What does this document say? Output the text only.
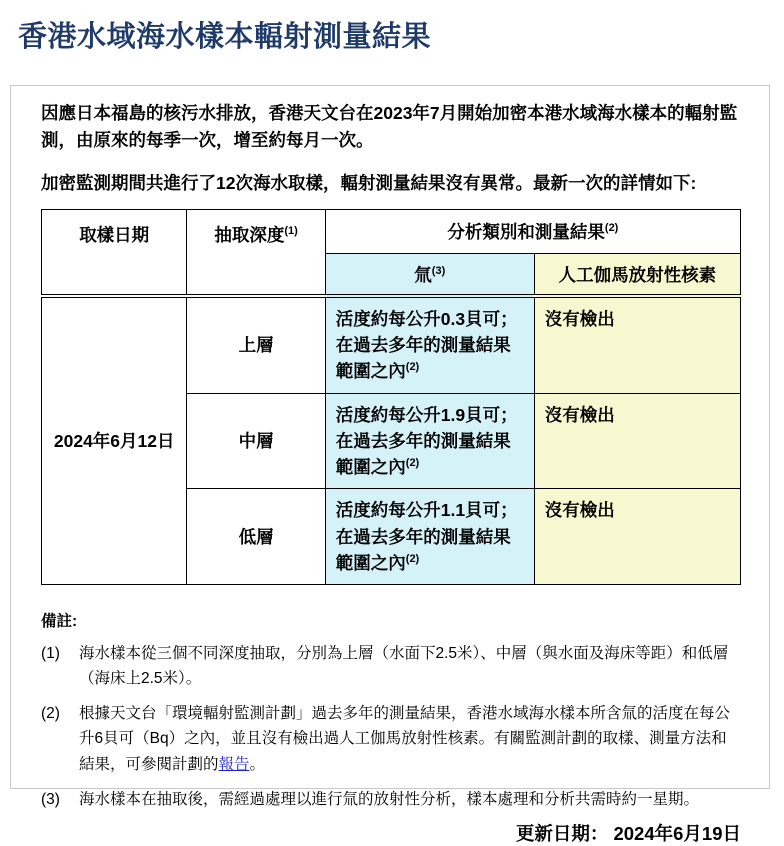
香港水域海水樣本輻射測量結果

因應日本福島的核污水排放，香港天文台在2023年7月開始加密本港水域海水樣本的輻射監測，由原來的每季一次，增至約每月一次。

加密監測期間共進行了12次海水取樣，輻射測量結果沒有異常。最新一次的詳情如下:

取樣日期	抽取深度$^{(1)}$	分析類別和測量結果$^{(2)}$
		氚$^{(3)}$	人工伽馬放射性核素
2024年6月12日	上層	活度約每公升0.3貝可；
在過去多年的測量結果範圍之內$^{(2)}$	沒有檢出
	中層	活度約每公升1.9貝可；
在過去多年的測量結果範圍之內$^{(2)}$	沒有檢出
	低層	活度約每公升1.1貝可；
在過去多年的測量結果範圍之內$^{(2)}$	沒有檢出
備註:
(1)	海水樣本從三個不同深度抽取，分別為上層（水面下2.5米）、中層（與水面及海床等距）和低層（海床上2.5米）。
(2)	根據天文台「環境輻射監測計劃」過去多年的測量結果，香港水域海水樣本所含氚的活度在每公升6貝可（Bq）之內，並且沒有檢出過人工伽馬放射性核素。有關監測計劃的取樣、測量方法和結果，可參閱計劃的報告。
(3)	海水樣本在抽取後，需經過處理以進行氚的放射性分析，樣本處理和分析共需時約一星期。
更新日期： 2024年6月19日
